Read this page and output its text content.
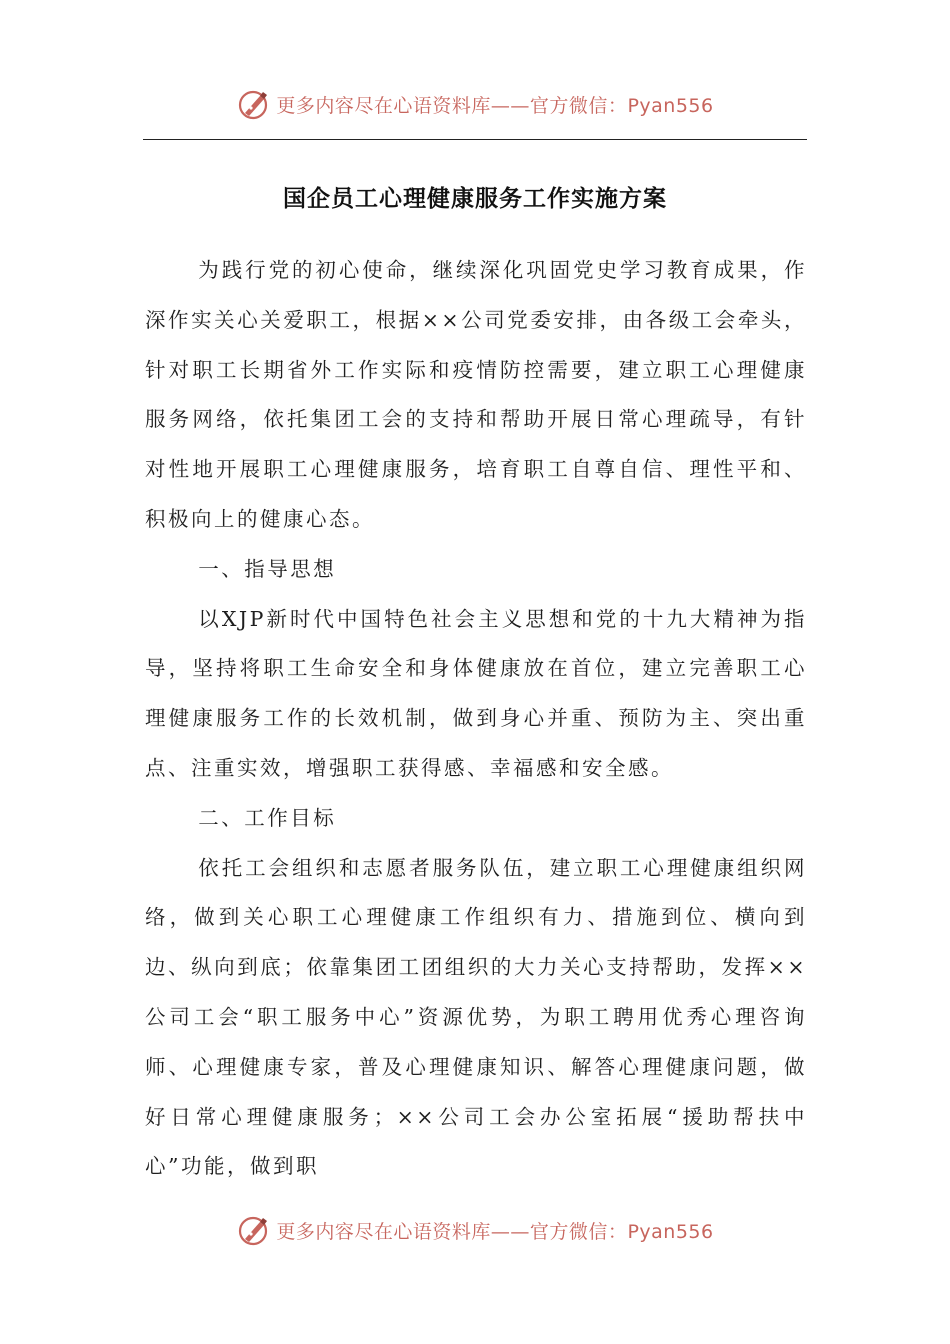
更多内容尽在心语资料库——官方微信：Pyan556
国企员工心理健康服务工作实施方案

为践行党的初心使命，继续深化巩固党史学习教育成果，作深作实关心关爱职工，根据××公司党委安排，由各级工会牵头，针对职工长期省外工作实际和疫情防控需要，建立职工心理健康服务网络，依托集团工会的支持和帮助开展日常心理疏导，有针对性地开展职工心理健康服务，培育职工自尊自信、理性平和、积极向上的健康心态。

一、指导思想

以XJP新时代中国特色社会主义思想和党的十九大精神为指导，坚持将职工生命安全和身体健康放在首位，建立完善职工心理健康服务工作的长效机制，做到身心并重、预防为主、突出重点、注重实效，增强职工获得感、幸福感和安全感。

二、工作目标

依托工会组织和志愿者服务队伍，建立职工心理健康组织网络，做到关心职工心理健康工作组织有力、措施到位、横向到边、纵向到底；依靠集团工团组织的大力关心支持帮助，发挥××公司工会“职工服务中心”资源优势，为职工聘用优秀心理咨询师、心理健康专家，普及心理健康知识、解答心理健康问题，做好日常心理健康服务；××公司工会办公室拓展“援助帮扶中心”功能，做到职

更多内容尽在心语资料库——官方微信：Pyan556
